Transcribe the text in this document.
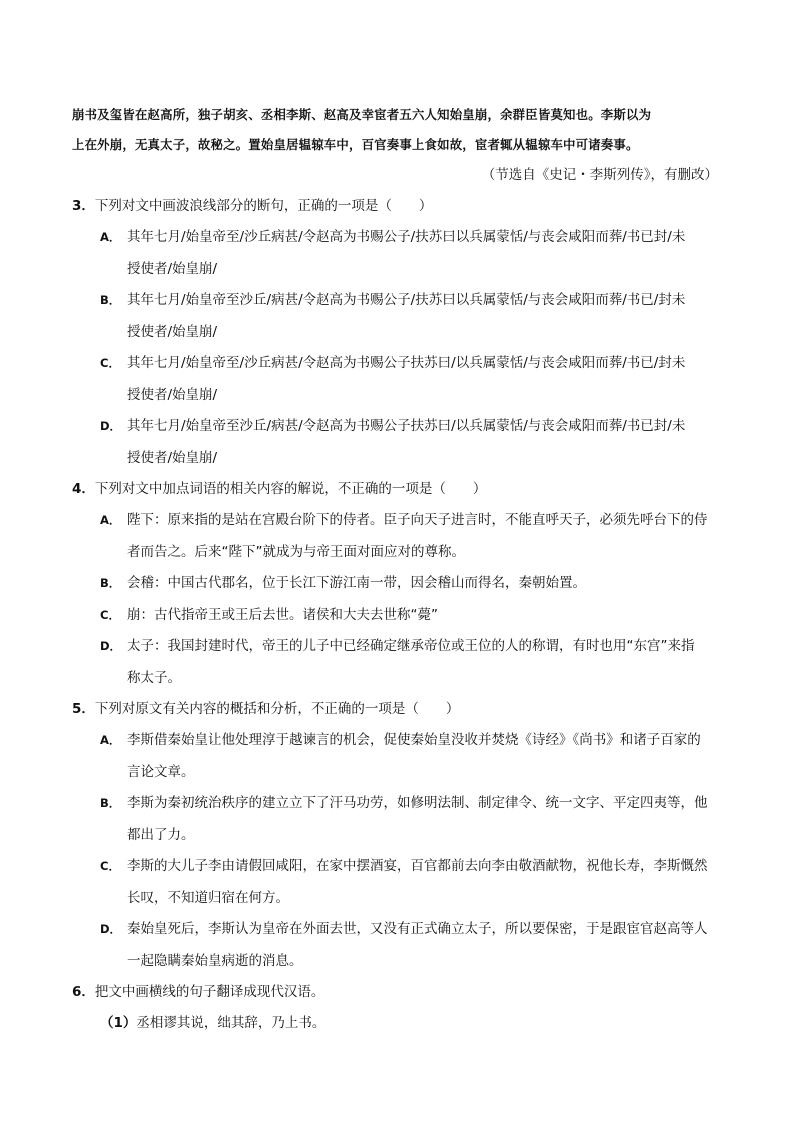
崩书及玺皆在赵高所，独子胡亥、丞相李斯、赵高及幸宦者五六人知始皇崩，余群臣皆莫知也。李斯以为
上在外崩，无真太子，故秘之。置始皇居辒辌车中，百官奏事上食如故，宦者辄从辒辌车中可诸奏事。
（节选自《史记・李斯列传》，有删改）
3．下列对文中画波浪线部分的断句，正确的一项是（　　）
A． 其年七月/始皇帝至/沙丘病甚/令赵高为书赐公子/扶苏曰以兵属蒙恬/与丧会咸阳而葬/书已封/未
授使者/始皇崩/
B． 其年七月/始皇帝至沙丘/病甚/令赵高为书赐公子/扶苏曰以兵属蒙恬/与丧会咸阳而葬/书已/封未
授使者/始皇崩/
C． 其年七月/始皇帝至/沙丘病甚/令赵高为书赐公子扶苏曰/以兵属蒙恬/与丧会咸阳而葬/书已/封未
授使者/始皇崩/
D． 其年七月/始皇帝至沙丘/病甚/令赵高为书赐公子扶苏曰/以兵属蒙恬/与丧会咸阳而葬/书已封/未
授使者/始皇崩/
4．下列对文中加点词语的相关内容的解说，不正确的一项是（　　）
A． 陛下：原来指的是站在宫殿台阶下的侍者。臣子向天子进言时，不能直呼天子，必须先呼台下的侍
者而告之。后来“陛下”就成为与帝王面对面应对的尊称。
B． 会稽：中国古代郡名，位于长江下游江南一带，因会稽山而得名，秦朝始置。
C． 崩：古代指帝王或王后去世。诸侯和大夫去世称“薨”
D． 太子：我国封建时代，帝王的儿子中已经确定继承帝位或王位的人的称谓，有时也用“东宫”来指
称太子。
5．下列对原文有关内容的概括和分析，不正确的一项是（　　）
A． 李斯借秦始皇让他处理淳于越谏言的机会，促使秦始皇没收并焚烧《诗经》《尚书》和诸子百家的
言论文章。
B． 李斯为秦初统治秩序的建立立下了汗马功劳，如修明法制、制定律令、统一文字、平定四夷等，他
都出了力。
C． 李斯的大儿子李由请假回咸阳，在家中摆酒宴，百官都前去向李由敬酒献物，祝他长寿，李斯慨然
长叹，不知道归宿在何方。
D． 秦始皇死后，李斯认为皇帝在外面去世，又没有正式确立太子，所以要保密，于是跟宦官赵高等人
一起隐瞒秦始皇病逝的消息。
6．把文中画横线的句子翻译成现代汉语。
（1）丞相谬其说，绌其辞，乃上书。
